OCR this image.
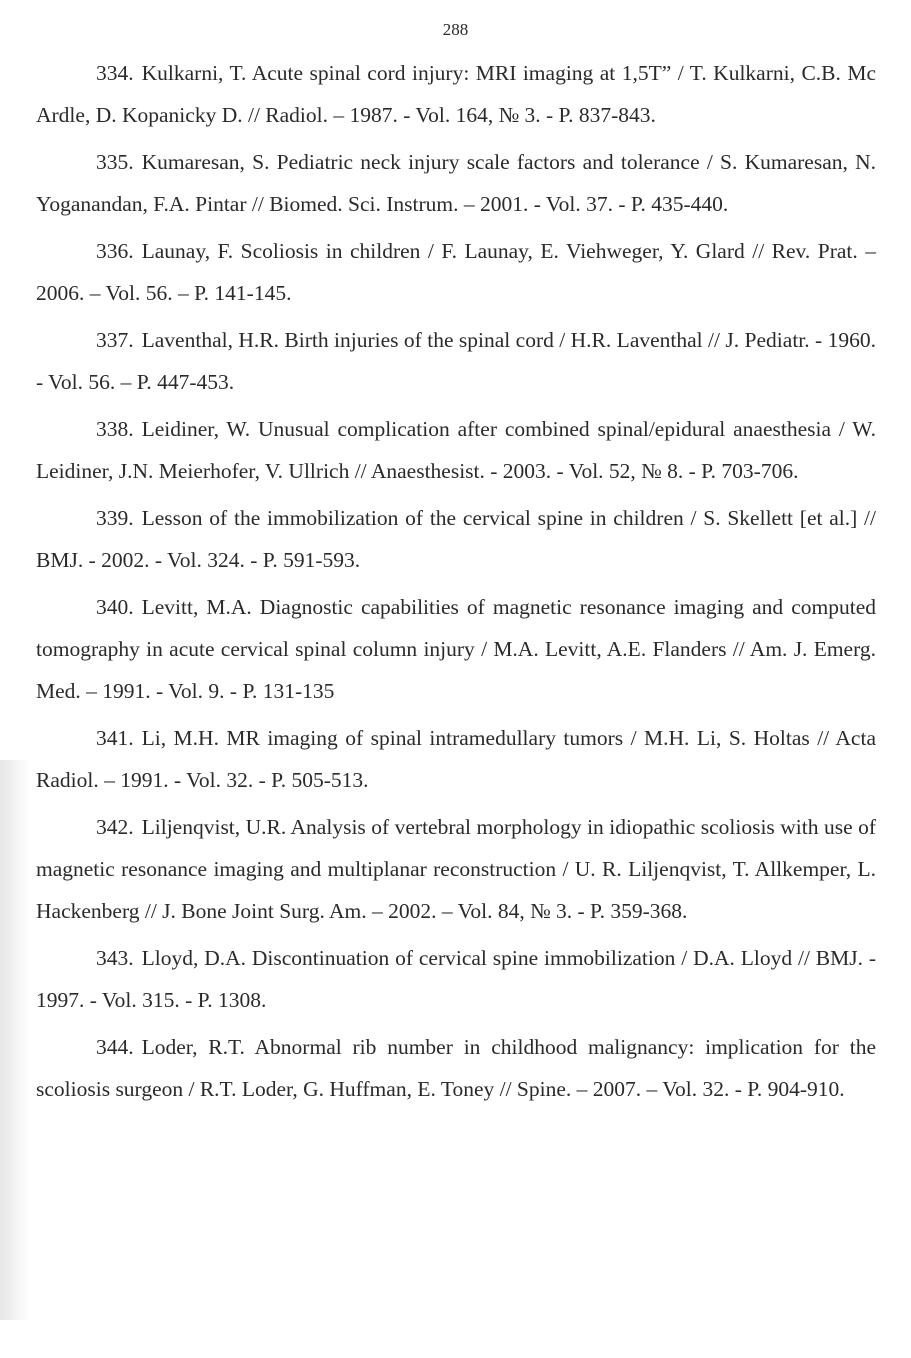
288

334. Kulkarni, T. Acute spinal cord injury: MRI imaging at 1,5T” / T. Kulkarni, C.B. Mc Ardle, D. Kopanicky D. // Radiol. – 1987. - Vol. 164, № 3. - P. 837-843.

335. Kumaresan, S. Pediatric neck injury scale factors and tolerance / S. Kumaresan, N. Yoganandan, F.A. Pintar // Biomed. Sci. Instrum. – 2001. - Vol. 37. - P. 435-440.

336. Launay, F. Scoliosis in children / F. Launay, E. Viehweger, Y. Glard // Rev. Prat. – 2006. – Vol. 56. – P. 141-145.

337. Laventhal, H.R. Birth injuries of the spinal cord / H.R. Laventhal // J. Pediatr. - 1960. - Vol. 56. – P. 447-453.

338. Leidiner, W. Unusual complication after combined spinal/epidural anaesthesia / W. Leidiner, J.N. Meierhofer, V. Ullrich // Anaesthesist. - 2003. - Vol. 52, № 8. - P. 703-706.

339. Lesson of the immobilization of the cervical spine in children / S. Skellett [et al.] // BMJ. - 2002. - Vol. 324. - P. 591-593.

340. Levitt, M.A. Diagnostic capabilities of magnetic resonance imaging and computed tomography in acute cervical spinal column injury / M.A. Levitt, A.E. Flanders // Am. J. Emerg. Med. – 1991. - Vol. 9. - P. 131-135

341. Li, M.H. MR imaging of spinal intramedullary tumors / M.H. Li, S. Holtas // Acta Radiol. – 1991. - Vol. 32. - P. 505-513.

342. Liljenqvist, U.R. Analysis of vertebral morphology in idiopathic scoliosis with use of magnetic resonance imaging and multiplanar reconstruction / U. R. Liljenqvist, T. Allkemper, L. Hackenberg // J. Bone Joint Surg. Am. – 2002. – Vol. 84, № 3. - P. 359-368.

343. Lloyd, D.A. Discontinuation of cervical spine immobilization / D.A. Lloyd // BMJ. - 1997. - Vol. 315. - P. 1308.

344. Loder, R.T. Abnormal rib number in childhood malignancy: implication for the scoliosis surgeon / R.T. Loder, G. Huffman, E. Toney // Spine. – 2007. – Vol. 32. - P. 904-910.
